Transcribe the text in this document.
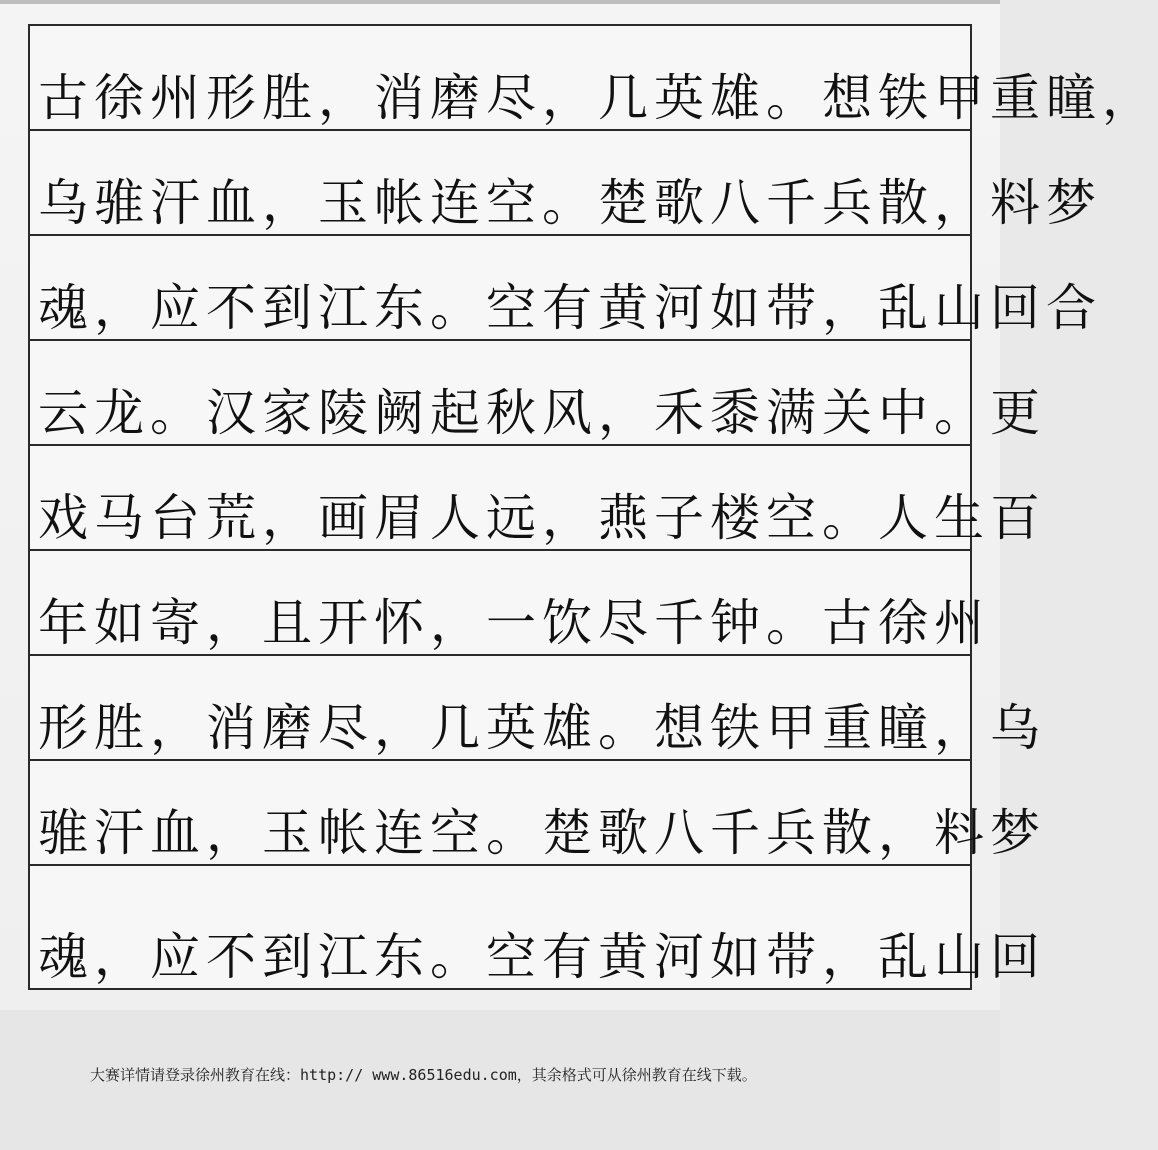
古徐州形胜，消磨尽，几英雄。想铁甲重瞳，
乌骓汗血，玉帐连空。楚歌八千兵散，料梦
魂，应不到江东。空有黄河如带，乱山回合
云龙。汉家陵阙起秋风，禾黍满关中。更
戏马台荒，画眉人远，燕子楼空。人生百
年如寄，且开怀，一饮尽千钟。古徐州
形胜，消磨尽，几英雄。想铁甲重瞳，乌
骓汗血，玉帐连空。楚歌八千兵散，料梦
魂，应不到江东。空有黄河如带，乱山回
大赛详情请登录徐州教育在线：http:// www.86516edu.com，其余格式可从徐州教育在线下载。
